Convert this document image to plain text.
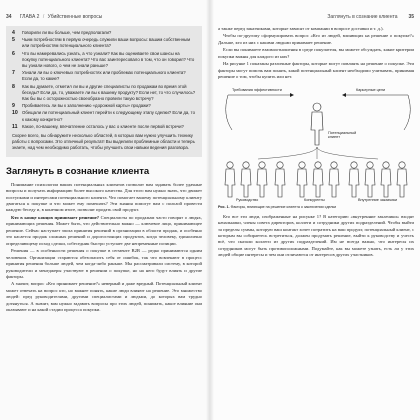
34 ГЛАВА 2 / Убийственные вопросы
4	Говорили ли вы больше, чем предполагали?
5	Чьим потребностям в первую очередь служили ваши вопросы: вашим собственным или потребностям потенциального клиента?
6	Что вы намеревались узнать, а что узнали? Как вы оцениваете свои шансы на покупку потенциального клиента? Что вас заинтересовало в том, что он говорил? Что вы узнали нового, о чем не знали раньше?
7	Узнали ли вы о ключевых потребностях или проблемах потенциального клиента? Если да, то какие?
8	Как вы думаете, отметил ли вы и другие специалисты по продажам во время этой беседы? Если да, то, уважаете ли вы к вашему продукту? Если нет, то что случилось? Как бы вы с осторожностью своеобразно провели такую встречу?
9	Пробиваетесь ли вы к заполнению «дорожной карты» продажи?
10 Обещали ли потенциальный клиент перейти к следующему этапу сделки? Если да, то к какому конкретно?
11	Какое, по-вашему, впечатление осталось у вас о клиенте после первой встречи?
Скорее всего, вы обнаружите несколько областей, в которых вам нужно улучшить технику работы с вопросами. Это отличный результат! Вы выделили проблемные области и теперь знаете, над чем необходимо работать, чтобы улучшить свои навыки ведения разговора.
Заглянуть в сознание клиента

Понимание психологии ваших потенциальных клиентов позволит вам задавать более удачные вопросы и получать информацию более высокого качества. Для этого вам нужно знать, что движет поступками и интересами потенциального клиента. Что помогает вашему потенциальному клиенту двигаться к покупке и что может ему помешать? Эти знания помогут вам с пользой провести каждую беседу и, в конечном итоге, позволят продать свой продукт.

Кто в конце концов принимает решение? Специалисты по продажам часто говорят о людях, принимающих решения. Может быть, что действительно важно — ключевое лицо, принимающее решение. Сейчас наступает эпоха принятия решений в организации в области продаж, и особенно это касается продаж сложных решений и дорогостоящих продуктов, когда человеку, единолично определяющему исход сделки, собеседник быстро уступает две непременные позиции.

Решения — в особенности решения о покупке в сегменте B2B — редко принимаются одним человеком. Организации стараются обезопасить себя от ошибок, так что вовлекают в процесс принятия решения больше людей, чем когда-либо раньше. Мы рассматривали систему, в которой руководители и менеджеры участвуют в решении о покупке, но на него будут влиять и другие факторы.

А значит, вопрос «Кто принимает решение?» неверный и даже вредный. Потенциальный клиент может отвечать на вопрос кто, но важнее понять, какие люди влияют на решение. Это множество людей: пред руководителями, другими специалистами и людьми, до которых вам трудно дотянуться. А значит, вам нужно задавать вопросы про этих людей, понимать, какое влияние они оказывают и на какой стадии процесса покупки.

Заглянуть в сознание клиента 35

а также перед заказчиками, которые зависят от компании в вопросе доставки и т. д.).

Чтобы по-другому сформулировать вопрос «Кто из людей, влияющих на решение о покупке?» Дальше, кто из них с какими людьми принимает решение.

Если вы понимаете взаимоотношения в среде покупателя, вы можете обсуждать, какие критерии покупки важны для каждого из них?

На рисунке 1 показаны различные факторы, которые могут повлиять на решение о покупке. Эти факторы могут помочь вам понять, какой потенциальный клиент необходимо учитывать, принимая решение о том, чтобы купить или нет.

Требования эффективности	Карьерные цели
Потенциальный клиент
Руководство	Конкуренты	Внутренние заказчики
Рис. 1. Факторы, влияющие на решение клиента о заключении сделки

Кто все эти люди, изображенные на рисунке 1? В категорию «внутренние заказчики» входят начальники, члены совета директоров, коллеги и сотрудники других подразделений. Чтобы выйти за пределы суммы, которую ваш контакт хочет потратить на ваш продукт, потенциальный клиент, с которым вы собираетесь встретиться, должен продумать решение, выйти к руководству и учесть всё, что сказали коллеги из других подразделений. Им не всегда важно, что интересы их сотрудников могут быть противоположными. Подумайте, как вы можете узнать, есть ли у этих людей общие интересы и чем они отличаются от интересов других участников.
